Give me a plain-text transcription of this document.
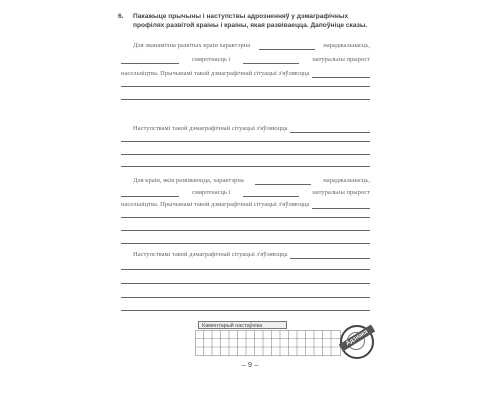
6. Пакажыце прычыны і наступствы адрозненняў у дэмаграфічных профілях развітой краіны і краіны, якая развіваецца. Дапоўніце сказы.
Для эканамічна развітых краін характэрна	нараджальнасць,
смяротнасць і	натуральны прырост
насельніцтва. Прычынамі такой дэмаграфічнай сітуацыі з'яўляюцца
Наступствамі такой дэмаграфічнай сітуацыі з'яўляюцца
Для краін, якія развіваюцца, характэрна	нараджальнасць,
смяротнасць і	натуральны прырост
насельніцтва. Прычынамі такой дэмаграфічнай сітуацыі з'яўляюцца
Наступствамі такой дэмаграфічнай сітуацыі з'яўляюцца
Каментарый настаўніка
Адзнака
– 9 –
